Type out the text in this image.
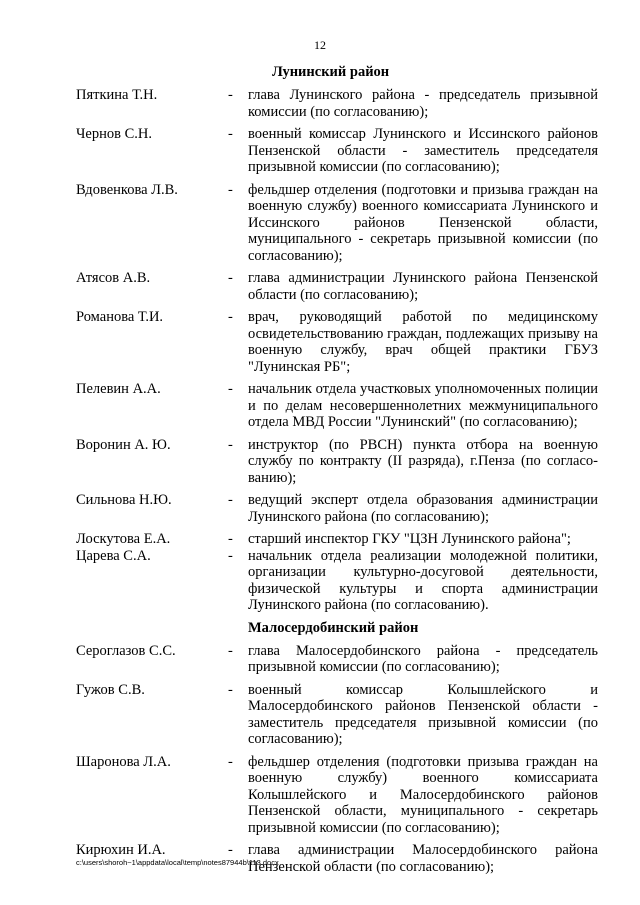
12
Лунинский район
Пяткина Т.Н.	-	глава Лунинского района - председатель призывной комиссии (по согласованию);
Чернов С.Н.	-	военный комиссар Лунинского и Иссинского районов Пензенской области - заместитель председателя призывной комиссии (по согласованию);
Вдовенкова Л.В.	-	фельдшер отделения (подготовки и призыва граждан на военную службу) военного комиссариата Лунинского и Иссинского районов Пензенской области, муниципального - секретарь призывной комиссии (по согласованию);
Атясов А.В.	-	глава администрации Лунинского района Пензенской области (по согласованию);
Романова Т.И.	-	врач, руководящий работой по медицинскому освидетельствованию граждан, подлежащих призыву на военную службу, врач общей практики ГБУЗ "Лунинская РБ";
Пелевин А.А.	-	начальник отдела участковых уполномоченных полиции и по делам несовершеннолетних межмуниципального отдела МВД России "Лунинский" (по согласованию);
Воронин А. Ю.	-	инструктор (по РВСН) пункта отбора на военную службу по контракту (II разряда), г.Пенза (по согласо-ванию);
Сильнова Н.Ю.	-	ведущий эксперт отдела образования администрации Лунинского района (по согласованию);
Лоскутова Е.А.	-	старший инспектор ГКУ "ЦЗН Лунинского района";
Царева С.А.	-	начальник отдела реализации молодежной политики, организации культурно-досуговой деятельности, физической культуры и спорта администрации Лунинского района (по согласованию).
Малосердобинский район
Сероглазов С.С.	-	глава Малосердобинского района - председатель призывной комиссии (по согласованию);
Гужов С.В.	-	военный комиссар Колышлейского и Малосердобинского районов Пензенской области - заместитель председателя призывной комиссии (по согласованию);
Шаронова Л.А.	-	фельдшер отделения (подготовки призыва граждан на военную службу) военного комиссариата Колышлейского и Малосердобинского районов Пензенской области, муниципального - секретарь призывной комиссии (по согласованию);
Кирюхин И.А.	-	глава администрации Малосердобинского района Пензенской области (по согласованию);
c:\users\shoroh~1\appdata\local\temp\notes87944b\113.docx
